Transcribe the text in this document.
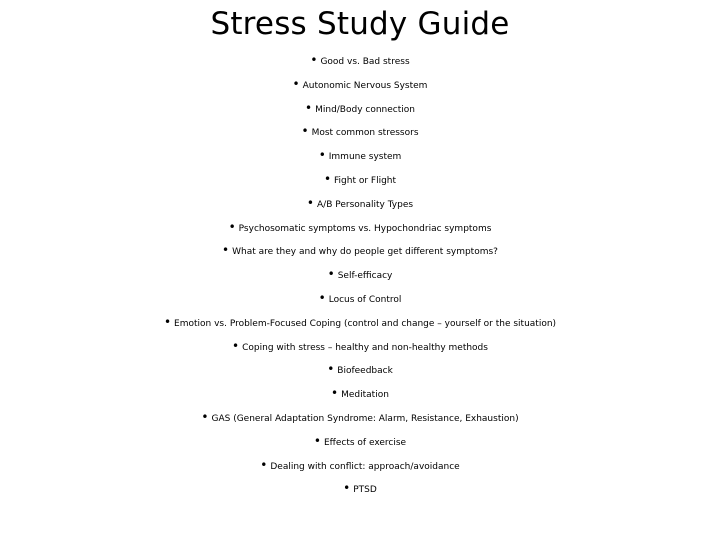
Stress Study Guide
• Good vs. Bad stress
• Autonomic Nervous System
• Mind/Body connection
• Most common stressors
• Immune system
• Fight or Flight
• A/B Personality Types
• Psychosomatic symptoms vs. Hypochondriac symptoms
• What are they and why do people get different symptoms?
• Self-efficacy
• Locus of Control
• Emotion vs. Problem-Focused Coping (control and change – yourself or the situation)
• Coping with stress – healthy and non-healthy methods
• Biofeedback
• Meditation
• GAS (General Adaptation Syndrome: Alarm, Resistance, Exhaustion)
• Effects of exercise
• Dealing with conflict: approach/avoidance
• PTSD
